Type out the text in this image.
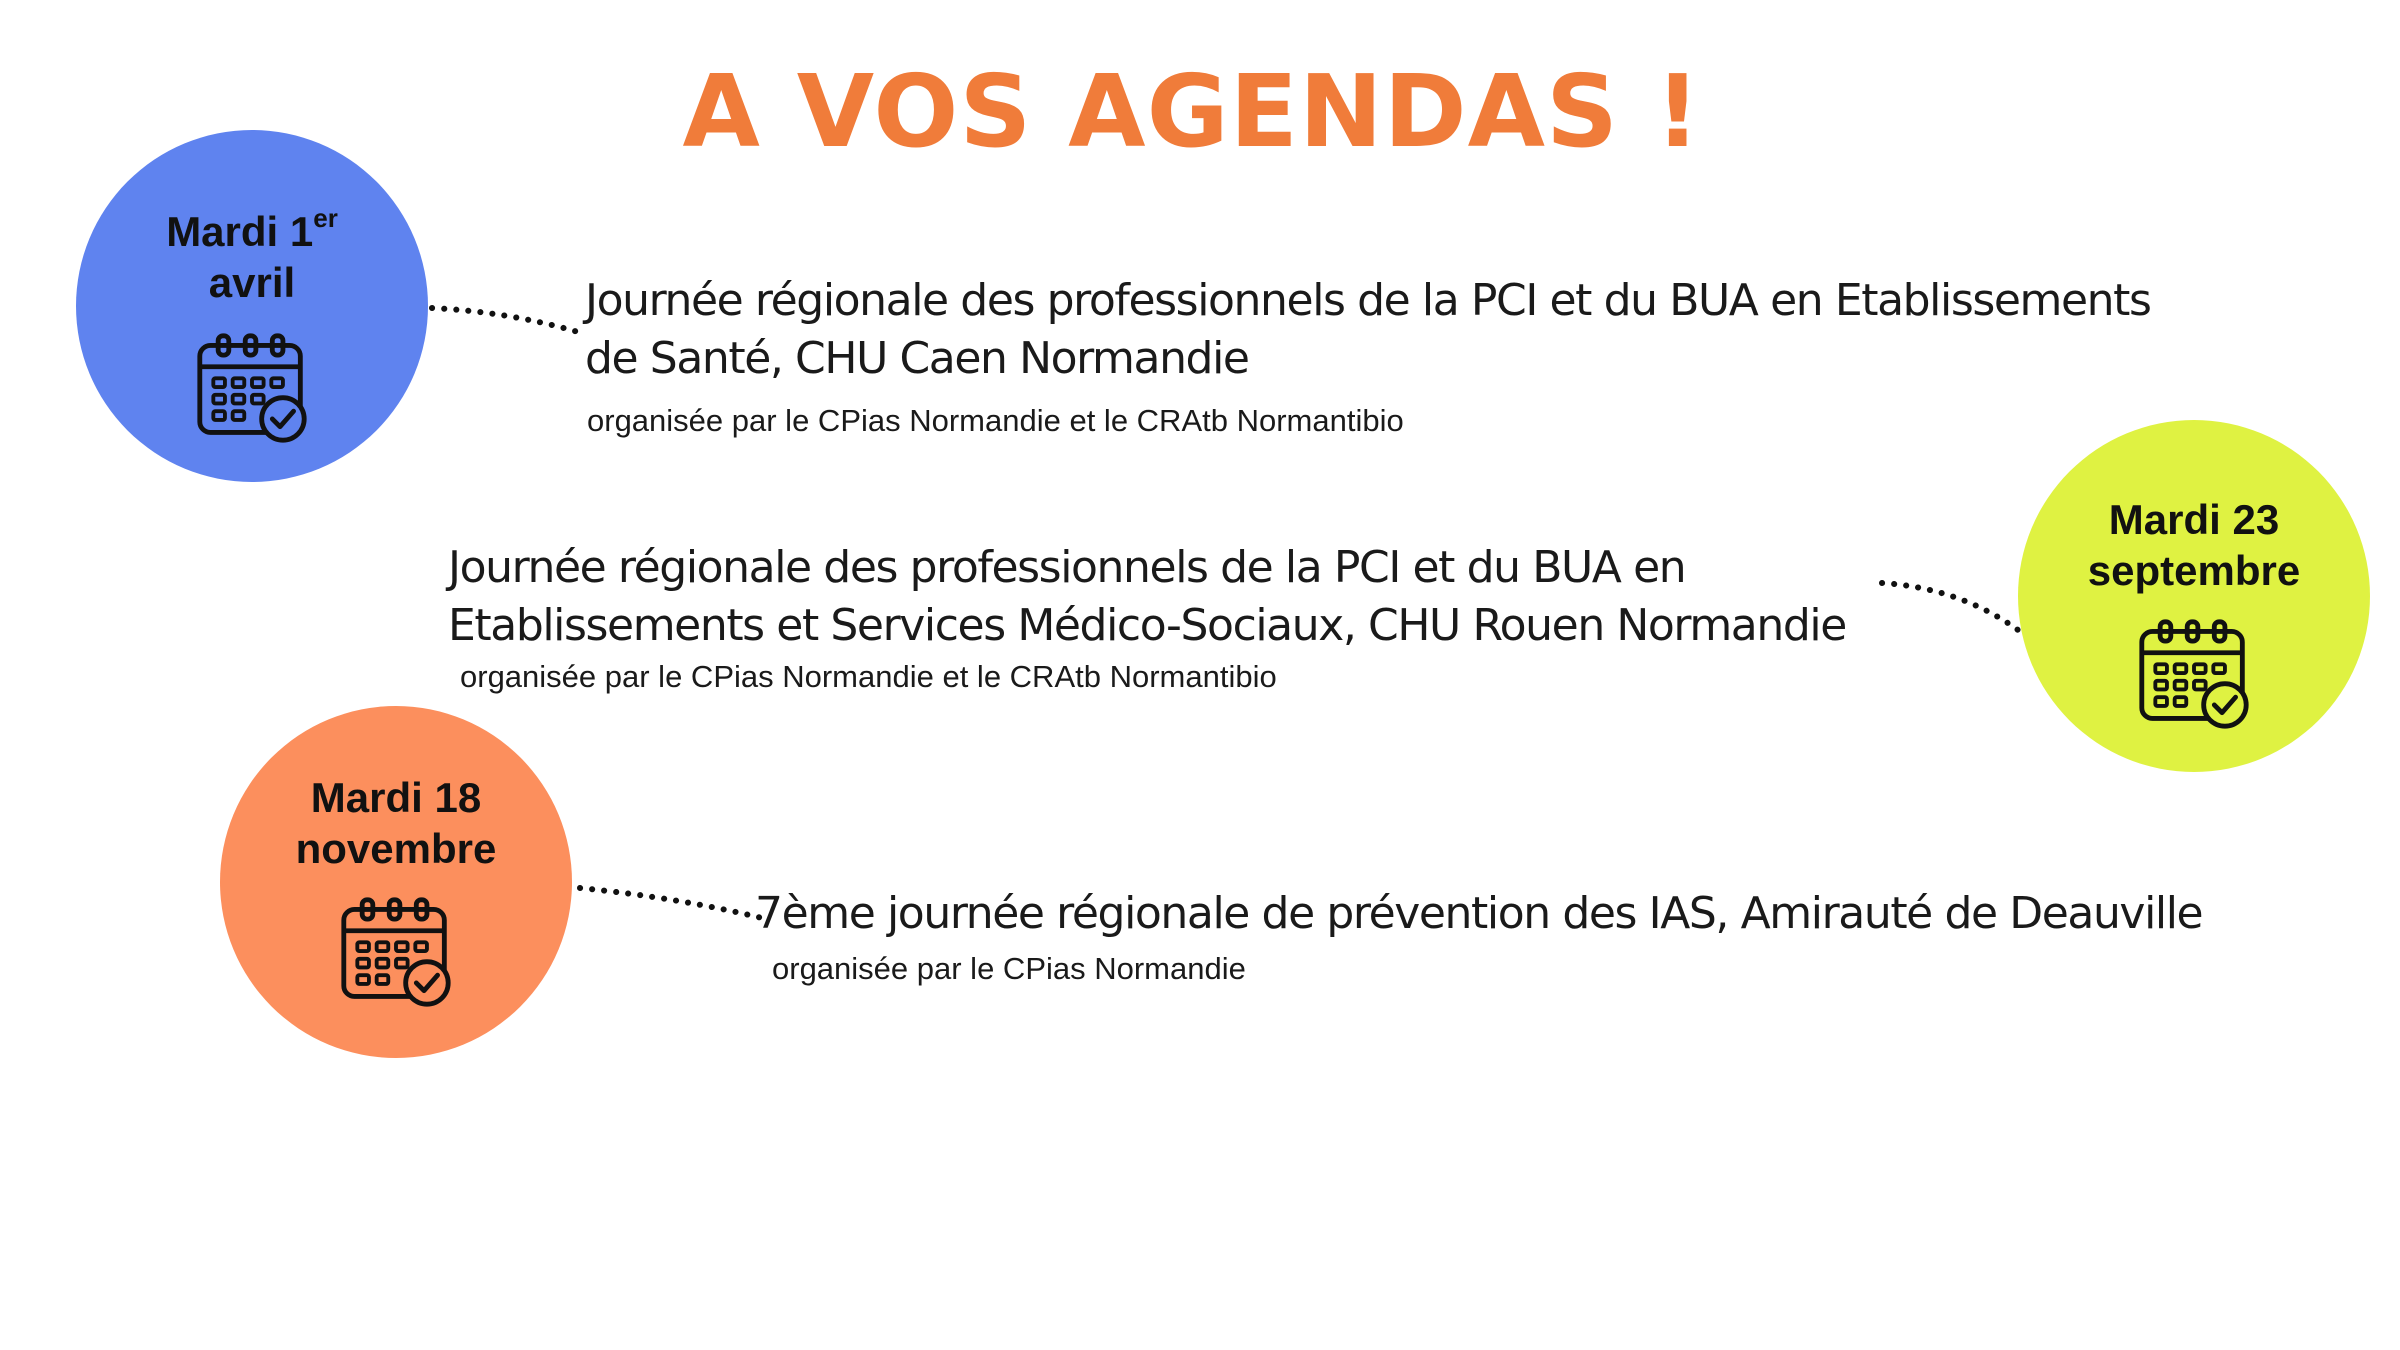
A VOS AGENDAS !
Mardi 1er
avril
Mardi 23
septembre
Mardi 18
novembre
Journée régionale des professionnels de la PCI et du BUA en Etablissements
de Santé, CHU Caen Normandie

organisée par le CPias Normandie et le CRAtb Normantibio

Journée régionale des professionnels de la PCI et du BUA en
Etablissements et Services Médico-Sociaux, CHU Rouen Normandie

organisée par le CPias Normandie et le CRAtb Normantibio

7ème journée régionale de prévention des IAS, Amirauté de Deauville

organisée par le CPias Normandie
